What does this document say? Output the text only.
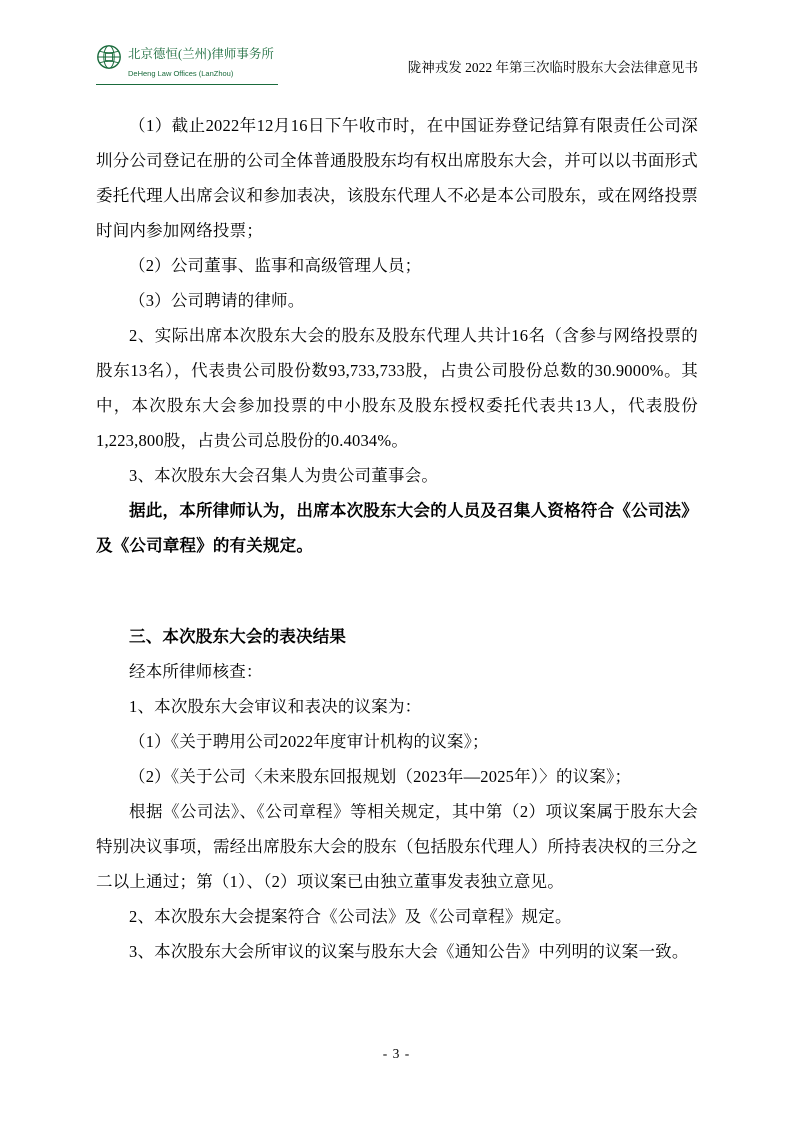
北京德恒(兰州)律师事务所
DeHeng Law Offices (LanZhou)	陇神戎发 2022 年第三次临时股东大会法律意见书

（1）截止2022年12月16日下午收市时，在中国证券登记结算有限责任公司深圳分公司登记在册的公司全体普通股股东均有权出席股东大会，并可以以书面形式委托代理人出席会议和参加表决，该股东代理人不必是本公司股东，或在网络投票时间内参加网络投票；

（2）公司董事、监事和高级管理人员；

（3）公司聘请的律师。

2、实际出席本次股东大会的股东及股东代理人共计16名（含参与网络投票的股东13名），代表贵公司股份数93,733,733股，占贵公司股份总数的30.9000%。其中，本次股东大会参加投票的中小股东及股东授权委托代表共13人，代表股份1,223,800股，占贵公司总股份的0.4034%。

3、本次股东大会召集人为贵公司董事会。

据此，本所律师认为，出席本次股东大会的人员及召集人资格符合《公司法》及《公司章程》的有关规定。

三、本次股东大会的表决结果

经本所律师核查：

1、本次股东大会审议和表决的议案为：

（1）《关于聘用公司2022年度审计机构的议案》；

（2）《关于公司〈未来股东回报规划（2023年—2025年）〉的议案》；

根据《公司法》、《公司章程》等相关规定，其中第（2）项议案属于股东大会特别决议事项，需经出席股东大会的股东（包括股东代理人）所持表决权的三分之二以上通过；第（1）、（2）项议案已由独立董事发表独立意见。

2、本次股东大会提案符合《公司法》及《公司章程》规定。

3、本次股东大会所审议的议案与股东大会《通知公告》中列明的议案一致。

- 3 -
